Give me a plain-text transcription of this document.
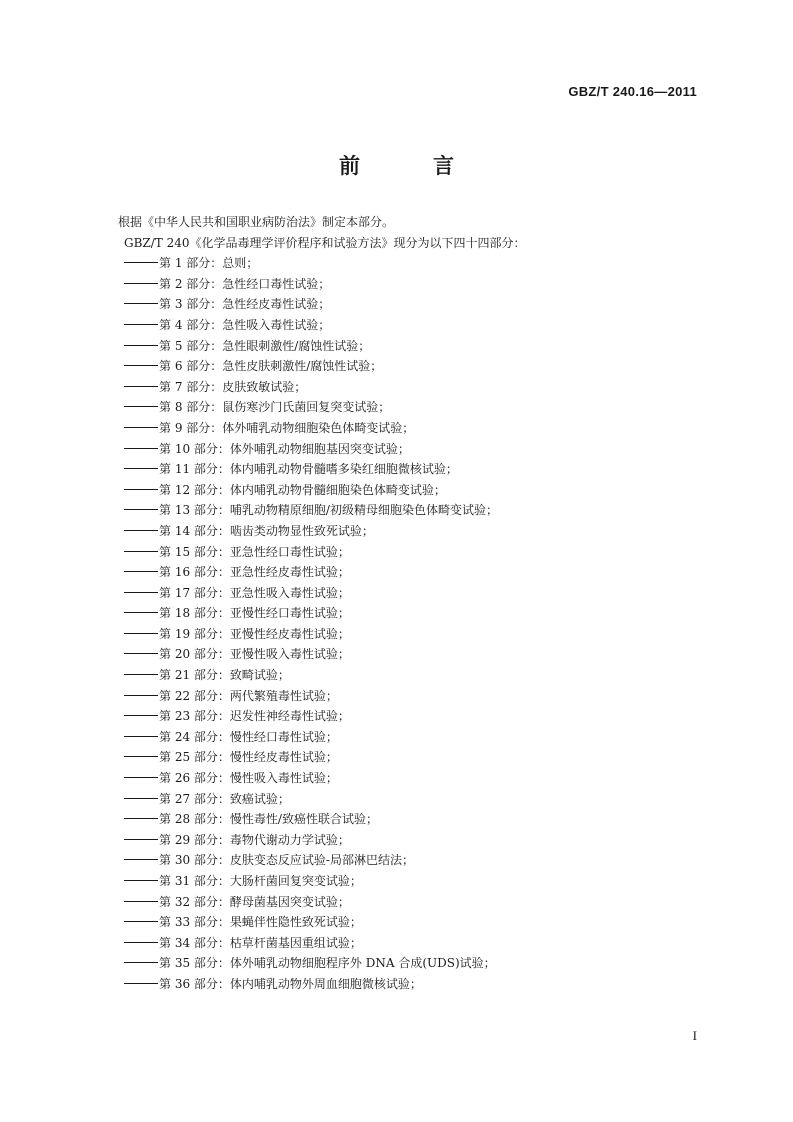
GBZ/T 240.16—2011
前　言
根据《中华人民共和国职业病防治法》制定本部分。
GBZ/T 240《化学品毒理学评价程序和试验方法》现分为以下四十四部分：
第 1 部分：总则；
第 2 部分：急性经口毒性试验；
第 3 部分：急性经皮毒性试验；
第 4 部分：急性吸入毒性试验；
第 5 部分：急性眼刺激性/腐蚀性试验；
第 6 部分：急性皮肤刺激性/腐蚀性试验；
第 7 部分：皮肤致敏试验；
第 8 部分：鼠伤寒沙门氏菌回复突变试验；
第 9 部分：体外哺乳动物细胞染色体畸变试验；
第 10 部分：体外哺乳动物细胞基因突变试验；
第 11 部分：体内哺乳动物骨髓嗜多染红细胞微核试验；
第 12 部分：体内哺乳动物骨髓细胞染色体畸变试验；
第 13 部分：哺乳动物精原细胞/初级精母细胞染色体畸变试验；
第 14 部分：啮齿类动物显性致死试验；
第 15 部分：亚急性经口毒性试验；
第 16 部分：亚急性经皮毒性试验；
第 17 部分：亚急性吸入毒性试验；
第 18 部分：亚慢性经口毒性试验；
第 19 部分：亚慢性经皮毒性试验；
第 20 部分：亚慢性吸入毒性试验；
第 21 部分：致畸试验；
第 22 部分：两代繁殖毒性试验；
第 23 部分：迟发性神经毒性试验；
第 24 部分：慢性经口毒性试验；
第 25 部分：慢性经皮毒性试验；
第 26 部分：慢性吸入毒性试验；
第 27 部分：致癌试验；
第 28 部分：慢性毒性/致癌性联合试验；
第 29 部分：毒物代谢动力学试验；
第 30 部分：皮肤变态反应试验-局部淋巴结法；
第 31 部分：大肠杆菌回复突变试验；
第 32 部分：酵母菌基因突变试验；
第 33 部分：果蝇伴性隐性致死试验；
第 34 部分：枯草杆菌基因重组试验；
第 35 部分：体外哺乳动物细胞程序外 DNA 合成(UDS)试验；
第 36 部分：体内哺乳动物外周血细胞微核试验；
I
